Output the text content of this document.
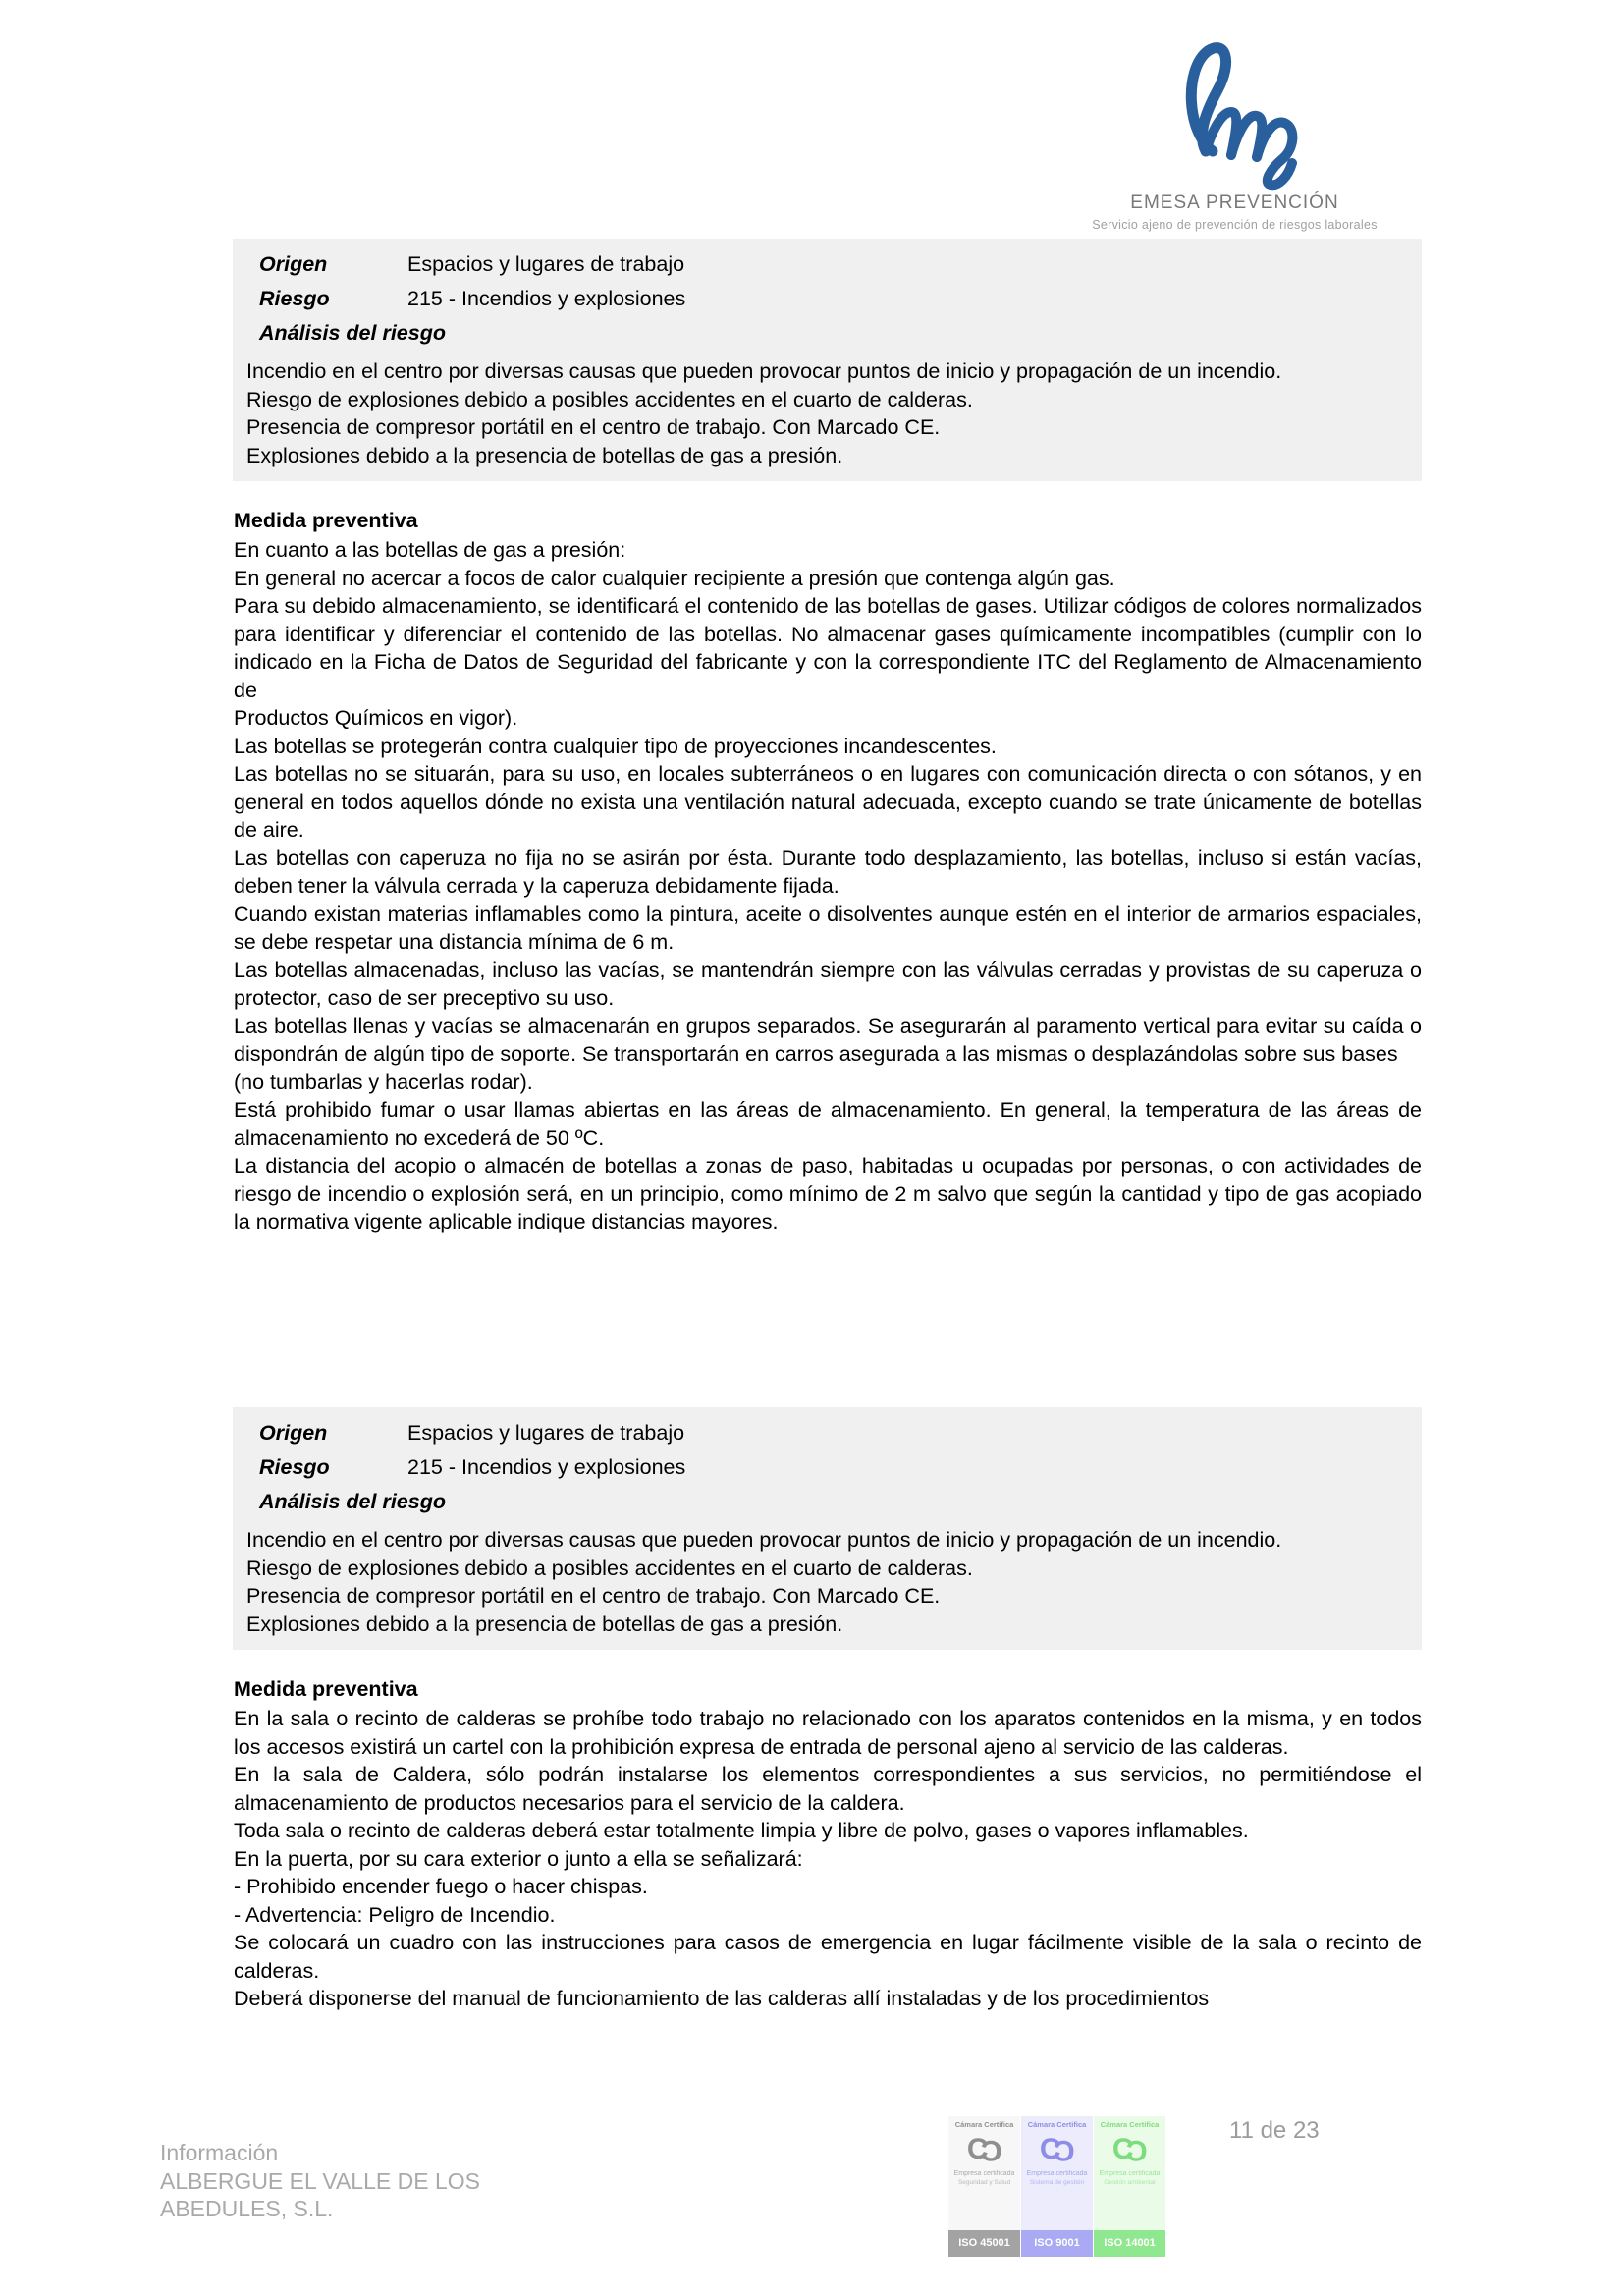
EMESA PREVENCIÓN
Servicio ajeno de prevención de riesgos laborales
Origen	Espacios y lugares de trabajo
Riesgo	215 - Incendios y explosiones
Análisis del riesgo

Incendio en el centro por diversas causas que pueden provocar puntos de inicio y propagación de un incendio.

Riesgo de explosiones debido a posibles accidentes en el cuarto de calderas.

Presencia de compresor portátil en el centro de trabajo. Con Marcado CE.

Explosiones debido a la presencia de botellas de gas a presión.

Medida preventiva

En cuanto a las botellas de gas a presión:

En general no acercar a focos de calor cualquier recipiente a presión que contenga algún gas.

Para su debido almacenamiento, se identificará el contenido de las botellas de gases. Utilizar códigos de colores normalizados para identificar y diferenciar el contenido de las botellas. No almacenar gases químicamente incompatibles (cumplir con lo indicado en la Ficha de Datos de Seguridad del fabricante y con la correspondiente ITC del Reglamento de Almacenamiento de

Productos Químicos en vigor).

Las botellas se protegerán contra cualquier tipo de proyecciones incandescentes.

Las botellas no se situarán, para su uso, en locales subterráneos o en lugares con comunicación directa o con sótanos, y en general en todos aquellos dónde no exista una ventilación natural adecuada, excepto cuando se trate únicamente de botellas de aire.

Las botellas con caperuza no fija no se asirán por ésta. Durante todo desplazamiento, las botellas, incluso si están vacías, deben tener la válvula cerrada y la caperuza debidamente fijada.

Cuando existan materias inflamables como la pintura, aceite o disolventes aunque estén en el interior de armarios espaciales, se debe respetar una distancia mínima de 6 m.

Las botellas almacenadas, incluso las vacías, se mantendrán siempre con las válvulas cerradas y provistas de su caperuza o protector, caso de ser preceptivo su uso.

Las botellas llenas y vacías se almacenarán en grupos separados. Se asegurarán al paramento vertical para evitar su caída o dispondrán de algún tipo de soporte. Se transportarán en carros asegurada a las mismas o desplazándolas sobre sus bases

(no tumbarlas y hacerlas rodar).

Está prohibido fumar o usar llamas abiertas en las áreas de almacenamiento. En general, la temperatura de las áreas de almacenamiento no excederá de 50 ºC.

La distancia del acopio o almacén de botellas a zonas de paso, habitadas u ocupadas por personas, o con actividades de riesgo de incendio o explosión será, en un principio, como mínimo de 2 m salvo que según la cantidad y tipo de gas acopiado la normativa vigente aplicable indique distancias mayores.

Origen	Espacios y lugares de trabajo
Riesgo	215 - Incendios y explosiones
Análisis del riesgo

Incendio en el centro por diversas causas que pueden provocar puntos de inicio y propagación de un incendio.

Riesgo de explosiones debido a posibles accidentes en el cuarto de calderas.

Presencia de compresor portátil en el centro de trabajo. Con Marcado CE.

Explosiones debido a la presencia de botellas de gas a presión.

Medida preventiva

En la sala o recinto de calderas se prohíbe todo trabajo no relacionado con los aparatos contenidos en la misma, y en todos los accesos existirá un cartel con la prohibición expresa de entrada de personal ajeno al servicio de las calderas.

En la sala de Caldera, sólo podrán instalarse los elementos correspondientes a sus servicios, no permitiéndose el almacenamiento de productos necesarios para el servicio de la caldera.

Toda sala o recinto de calderas deberá estar totalmente limpia y libre de polvo, gases o vapores inflamables.

En la puerta, por su cara exterior o junto a ella se señalizará:

- Prohibido encender fuego o hacer chispas.

- Advertencia: Peligro de Incendio.

Se colocará un cuadro con las instrucciones para casos de emergencia en lugar fácilmente visible de la sala o recinto de calderas.

Deberá disponerse del manual de funcionamiento de las calderas allí instaladas y de los procedimientos

Información
ALBERGUE EL VALLE DE LOS
ABEDULES, S.L.
Cámara Certifica
C C
Empresa certificada
Seguridad y Salud
ISO 45001
Cámara Certifica
C C
Empresa certificada
Sistema de gestión
ISO 9001
Cámara Certifica
C C
Empresa certificada
Gestión ambiental
ISO 14001
11 de 23
